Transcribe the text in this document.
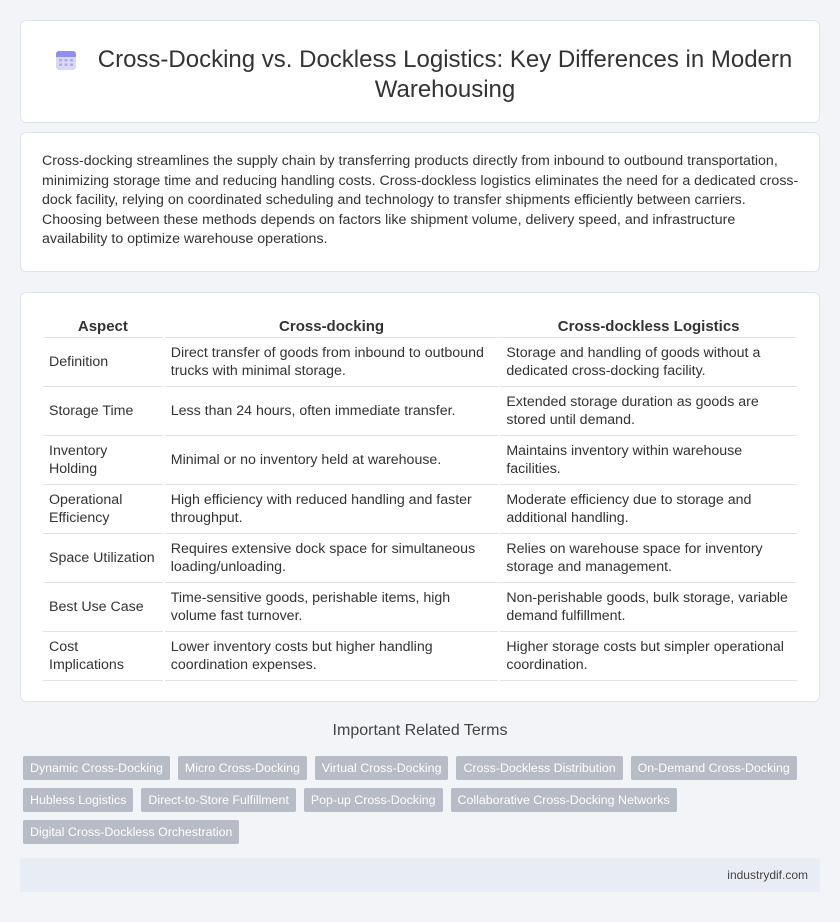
Cross-Docking vs. Dockless Logistics: Key Differences in Modern Warehousing

Cross-docking streamlines the supply chain by transferring products directly from inbound to outbound transportation, minimizing storage time and reducing handling costs. Cross-dockless logistics eliminates the need for a dedicated cross-dock facility, relying on coordinated scheduling and technology to transfer shipments efficiently between carriers. Choosing between these methods depends on factors like shipment volume, delivery speed, and infrastructure availability to optimize warehouse operations.

Aspect	Cross-docking	Cross-dockless Logistics
Definition	Direct transfer of goods from inbound to outbound trucks with minimal storage.	Storage and handling of goods without a dedicated cross-docking facility.
Storage Time	Less than 24 hours, often immediate transfer.	Extended storage duration as goods are stored until demand.
Inventory Holding	Minimal or no inventory held at warehouse.	Maintains inventory within warehouse facilities.
Operational Efficiency	High efficiency with reduced handling and faster throughput.	Moderate efficiency due to storage and additional handling.
Space Utilization	Requires extensive dock space for simultaneous loading/unloading.	Relies on warehouse space for inventory storage and management.
Best Use Case	Time-sensitive goods, perishable items, high volume fast turnover.	Non-perishable goods, bulk storage, variable demand fulfillment.
Cost Implications	Lower inventory costs but higher handling coordination expenses.	Higher storage costs but simpler operational coordination.
Important Related Terms
Dynamic Cross-Docking	Micro Cross-Docking	Virtual Cross-Docking	Cross-Dockless Distribution	On-Demand Cross-Docking
Hubless Logistics	Direct-to-Store Fulfillment	Pop-up Cross-Docking	Collaborative Cross-Docking Networks
Digital Cross-Dockless Orchestration
industrydif.com
